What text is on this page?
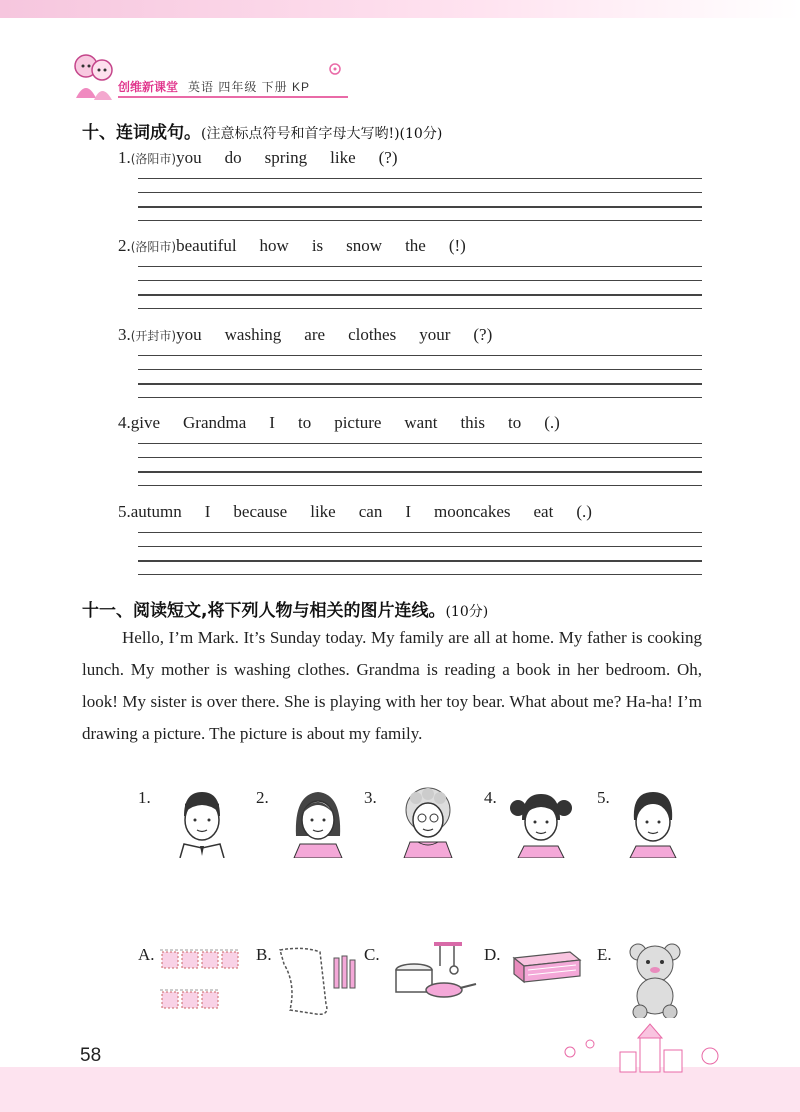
创维新课堂 英语 四年级 下册 KP
十、连词成句。(注意标点符号和首字母大写哟!)(10分)
1.(洛阳市)you do spring like (?)
2.(洛阳市)beautiful how is snow the (!)
3.(开封市)you washing are clothes your (?)
4.give Grandma I to picture want this to (.)
5.autumn I because like can I mooncakes eat (.)
十一、阅读短文,将下列人物与相关的图片连线。(10分)
Hello, I’m Mark. It’s Sunday today. My family are all at home. My father is cooking lunch. My mother is washing clothes. Grandma is reading a book in her bedroom. Oh, look! My sister is over there. She is playing with her toy bear. What about me? Ha-ha! I’m drawing a picture. The picture is about my family.
1.	2.	3.	4.	5.
A.	B.	C.	D.	E.
58
